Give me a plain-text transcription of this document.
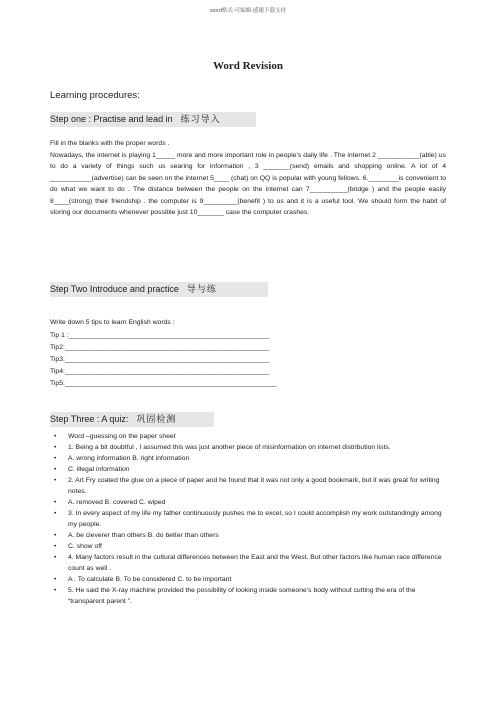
word格式-可编辑-感谢下载支持
Word Revision
Learning procedures:
Step one : Practise and lead in 练习导入
Fill in the blanks with the proper words .
Nowadays, the internet is playing 1_____ more and more important role in people’s daily life . The internet 2 ___________(able) us to do a variety of things such us searing for information , 3 _______(send) emails and shopping online. A lot of 4 ___________(advertise) can be seen on the internet 5____ (chat) on QQ is popular with young fellows. 6.________is convenient to do what we want to do . The distance between the people on the internet can 7__________(bridge ) and the people easily 8____(strong) their friendship . the computer is 9_________(benefit ) to us and it is a useful tool. We should form the habit of storing our documents whenever possible just 10_______ case the computer crashes.
Step Two Introduce and practice 导与练
Write down 5 tips to learn English words :
Tip 1 :_____________________________________________________
Tip2:______________________________________________________
Tip3:______________________________________________________
Tip4:______________________________________________________
Tip5:________________________________________________________
Step Three : A quiz: 巩固检测
• Word –guessing on the paper sheet
• 1. Being a bit doubtful , I assumed this was just another piece of misinformation on internet distribution lists.
• A. wrong information B. right information
• C. illegal information
• 2. Art Fry coated the glue on a piece of paper and he found that it was not only a good bookmark, but it was great for writing notes.
• A. removed B. covered C. wiped
• 3. In every aspect of my life my father continuously pushes me to excel, so I could accomplish my work outstandingly among my people.
• A. be cleverer than others B. do better than others
• C. show off
• 4. Many factors result in the cultural differences between the East and the West. But other factors like human race difference count as well .
• A . To calculate B. To be considered C. to be important
• 5. He said the X-ray machine provided the possibility of looking inside someone’s body without cutting the era of the “transparent parent ”.
